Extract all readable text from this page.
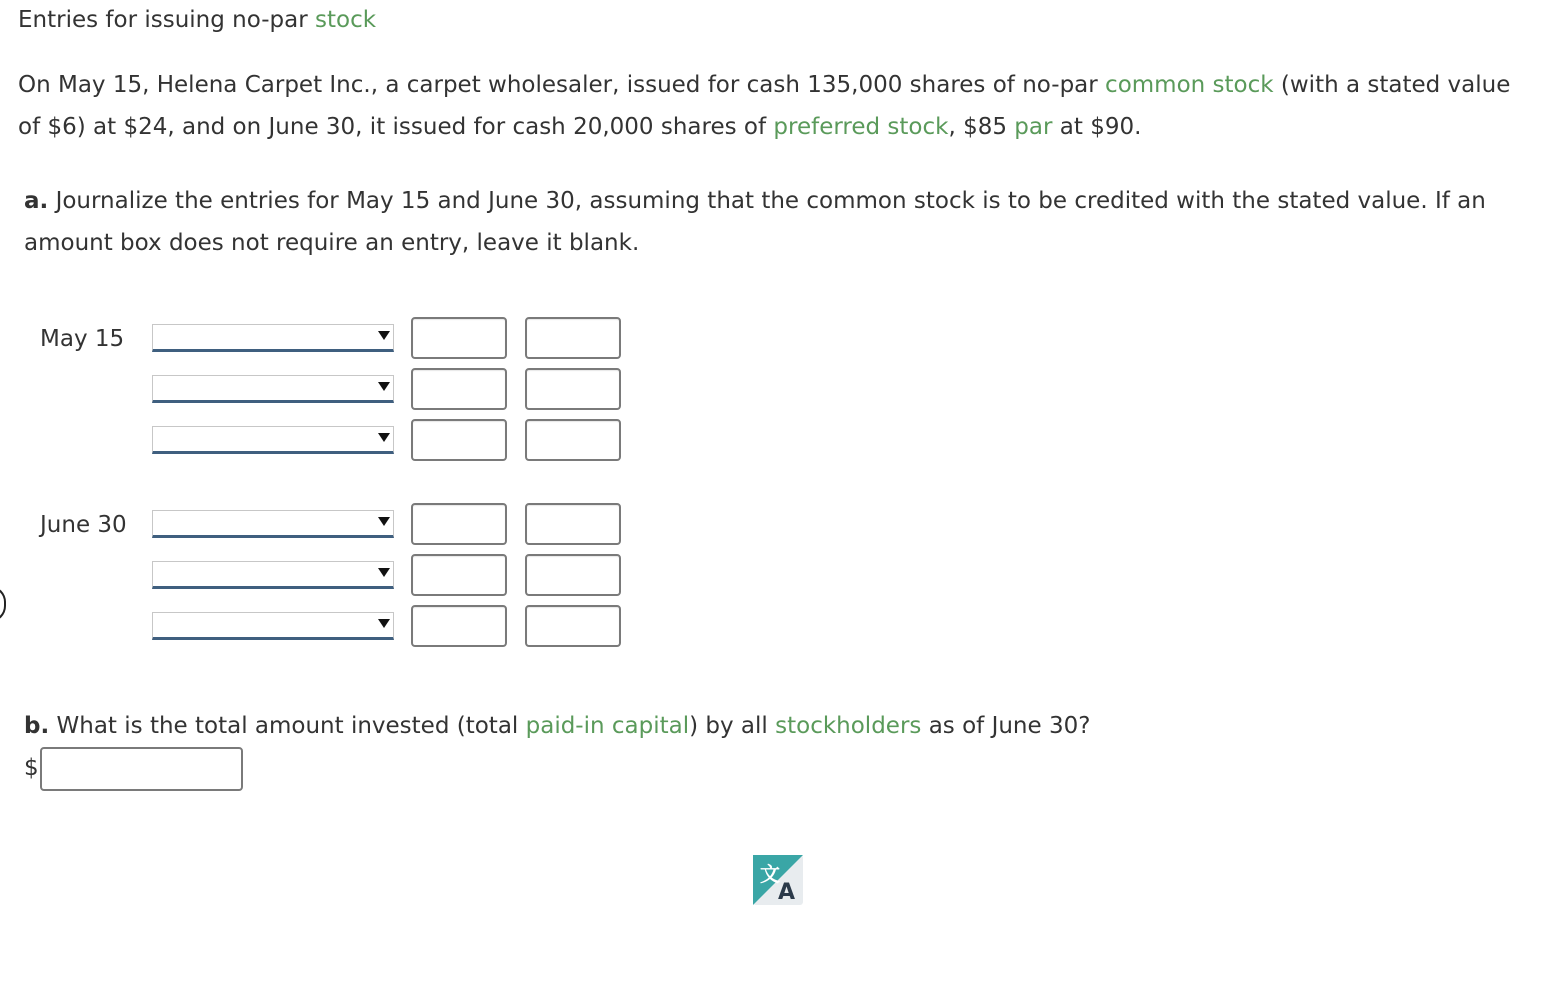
Entries for issuing no-par stock
On May 15, Helena Carpet Inc., a carpet wholesaler, issued for cash 135,000 shares of no-par common stock (with a stated value of $6) at $24, and on June 30, it issued for cash 20,000 shares of preferred stock, $85 par at $90.
a. Journalize the entries for May 15 and June 30, assuming that the common stock is to be credited with the stated value. If an amount box does not require an entry, leave it blank.
May 15
June 30
b. What is the total amount invested (total paid-in capital) by all stockholders as of June 30?
$
文
A
